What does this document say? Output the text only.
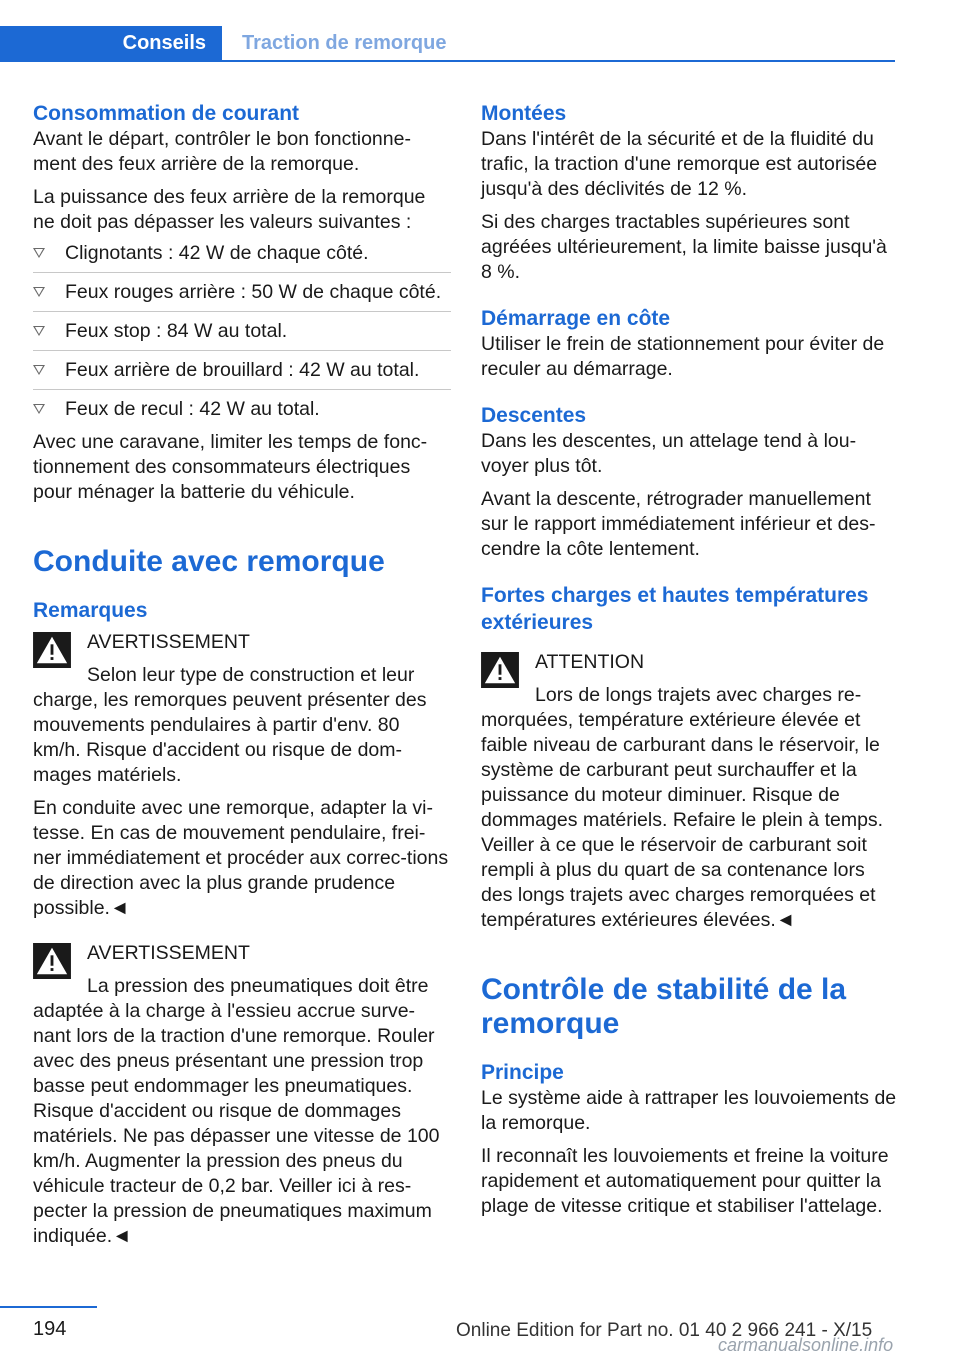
Conseils	Traction de remorque
Consommation de courant

Avant le départ, contrôler le bon fonctionne-ment des feux arrière de la remorque.

La puissance des feux arrière de la remorque ne doit pas dépasser les valeurs suivantes :

Clignotants : 42 W de chaque côté.
Feux rouges arrière : 50 W de chaque côté.
Feux stop : 84 W au total.
Feux arrière de brouillard : 42 W au total.
Feux de recul : 42 W au total.

Avec une caravane, limiter les temps de fonc-tionnement des consommateurs électriques pour ménager la batterie du véhicule.

Conduite avec remorque
Remarques
AVERTISSEMENT
Selon leur type de construction et leur

charge, les remorques peuvent présenter des mouvements pendulaires à partir d'env. 80 km/h. Risque d'accident ou risque de dom-mages matériels.

En conduite avec une remorque, adapter la vi-tesse. En cas de mouvement pendulaire, frei-ner immédiatement et procéder aux correc-tions de direction avec la plus grande prudence possible.◄

AVERTISSEMENT
La pression des pneumatiques doit être

adaptée à la charge à l'essieu accrue surve-nant lors de la traction d'une remorque. Rouler avec des pneus présentant une pression trop basse peut endommager les pneumatiques. Risque d'accident ou risque de dommages matériels. Ne pas dépasser une vitesse de 100 km/h. Augmenter la pression des pneus du véhicule tracteur de 0,2 bar. Veiller ici à res-pecter la pression de pneumatiques maximum indiquée.◄

Montées

Dans l'intérêt de la sécurité et de la fluidité du trafic, la traction d'une remorque est autorisée jusqu'à des déclivités de 12 %.

Si des charges tractables supérieures sont agréées ultérieurement, la limite baisse jusqu'à 8 %.

Démarrage en côte

Utiliser le frein de stationnement pour éviter de reculer au démarrage.

Descentes

Dans les descentes, un attelage tend à lou-voyer plus tôt.

Avant la descente, rétrograder manuellement sur le rapport immédiatement inférieur et des-cendre la côte lentement.

Fortes charges et hautes températures extérieures
ATTENTION
Lors de longs trajets avec charges re-

morquées, température extérieure élevée et faible niveau de carburant dans le réservoir, le système de carburant peut surchauffer et la puissance du moteur diminuer. Risque de dommages matériels. Refaire le plein à temps. Veiller à ce que le réservoir de carburant soit rempli à plus du quart de sa contenance lors des longs trajets avec charges remorquées et températures extérieures élevées.◄

Contrôle de stabilité de la remorque
Principe

Le système aide à rattraper les louvoiements de la remorque.

Il reconnaît les louvoiements et freine la voiture rapidement et automatiquement pour quitter la plage de vitesse critique et stabiliser l'attelage.

194	Online Edition for Part no. 01 40 2 966 241 - X/15
carmanualsonline.info
